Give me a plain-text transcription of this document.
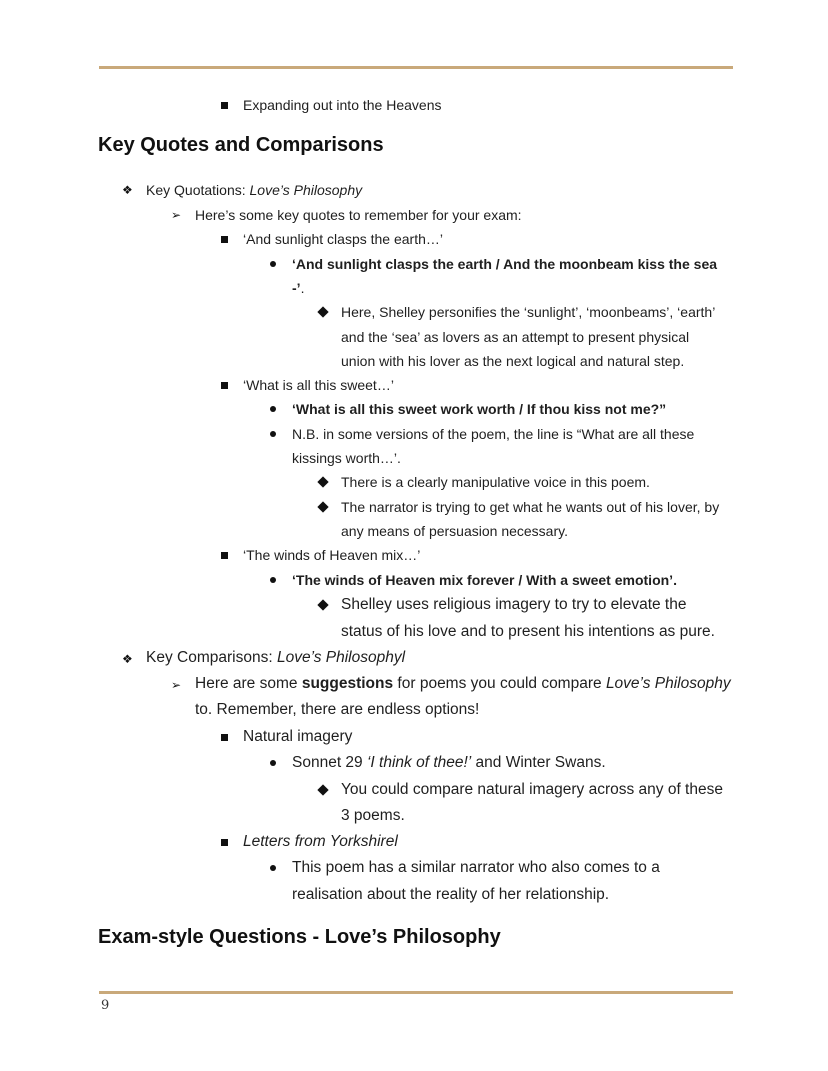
Expanding out into the Heavens
Key Quotes and Comparisons
❖ Key Quotations: Love’s Philosophy
➢ Here’s some key quotes to remember for your exam:
‘And sunlight clasps the earth…’
‘And sunlight clasps the earth / And the moonbeam kiss the sea
-’.
Here, Shelley personifies the ‘sunlight’, ‘moonbeams’, ‘earth’
and the ‘sea’ as lovers as an attempt to present physical
union with his lover as the next logical and natural step.
‘What is all this sweet…’
‘What is all this sweet work worth / If thou kiss not me?”
N.B. in some versions of the poem, the line is “What are all these
kissings worth…’.
There is a clearly manipulative voice in this poem.
The narrator is trying to get what he wants out of his lover, by
any means of persuasion necessary.
‘The winds of Heaven mix…’
‘The winds of Heaven mix forever / With a sweet emotion’.
Shelley uses religious imagery to try to elevate the
status of his love and to present his intentions as pure.
❖ Key Comparisons: Love’s Philosophyl
➢ Here are some suggestions for poems you could compare Love’s Philosophy
to. Remember, there are endless options!
Natural imagery
Sonnet 29 ‘I think of thee!’ and Winter Swans.
You could compare natural imagery across any of these
3 poems.
Letters from Yorkshirel
This poem has a similar narrator who also comes to a
realisation about the reality of her relationship.
Exam-style Questions - Love’s Philosophy
9
